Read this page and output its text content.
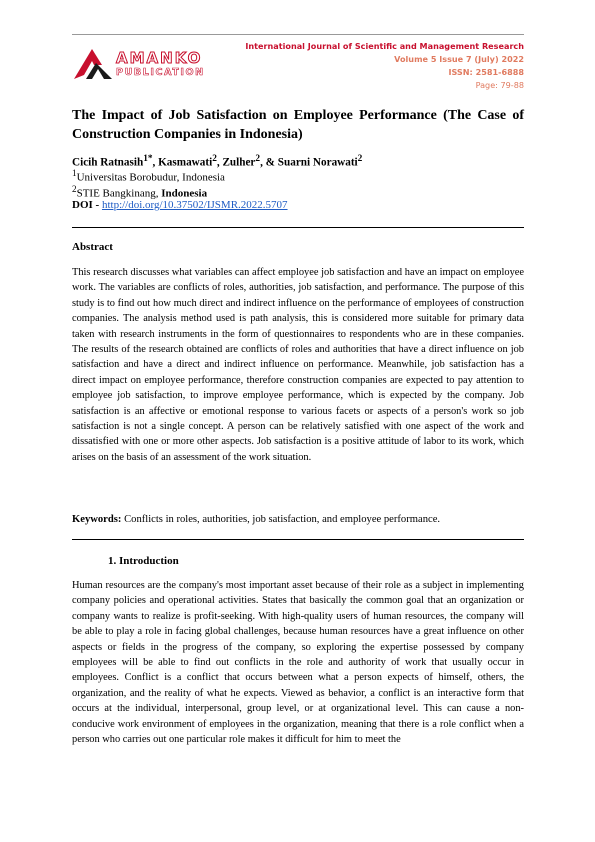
AMANKO
PUBLICATION
International Journal of Scientific and Management Research
Volume 5 Issue 7 (July) 2022
ISSN: 2581-6888
Page: 79-88
The Impact of Job Satisfaction on Employee Performance (The Case of Construction Companies in Indonesia)
Cicih Ratnasih$^{1*}$, Kasmawati$^2$, Zulher$^2$, & Suarni Norawati$^2$
$^1$Universitas Borobudur, Indonesia
$^2$STIE Bangkinang, Indonesia
DOI - http://doi.org/10.37502/IJSMR.2022.5707
Abstract

This research discusses what variables can affect employee job satisfaction and have an impact on employee work. The variables are conflicts of roles, authorities, job satisfaction, and performance. The purpose of this study is to find out how much direct and indirect influence on the performance of employees of construction companies. The analysis method used is path analysis, this is considered more suitable for primary data taken with research instruments in the form of questionnaires to respondents who are in these companies. The results of the research obtained are conflicts of roles and authorities that have a direct influence on job satisfaction and have a direct and indirect influence on performance. Meanwhile, job satisfaction has a direct impact on employee performance, therefore construction companies are expected to pay attention to employee job satisfaction, to improve employee performance, which is expected by the company. Job satisfaction is an affective or emotional response to various facets or aspects of a person's work so job satisfaction is not a single concept. A person can be relatively satisfied with one aspect of the work and dissatisfied with one or more other aspects. Job satisfaction is a positive attitude of labor to its work, which arises on the basis of an assessment of the work situation.

Keywords: Conflicts in roles, authorities, job satisfaction, and employee performance.
1. Introduction

Human resources are the company's most important asset because of their role as a subject in implementing company policies and operational activities. States that basically the common goal that an organization or company wants to realize is profit-seeking. With high-quality users of human resources, the company will be able to play a role in facing global challenges, because human resources have a great influence on other aspects or fields in the progress of the company, so exploring the expertise possessed by company employees will be able to find out conflicts in the role and authority of work that usually occur in employees. Conflict is a conflict that occurs between what a person expects of himself, others, the organization, and the reality of what he expects. Viewed as behavior, a conflict is an interactive form that occurs at the individual, interpersonal, group level, or at organizational level. This can cause a non-conducive work environment of employees in the organization, meaning that there is a role conflict when a person who carries out one particular role makes it difficult for him to meet the
